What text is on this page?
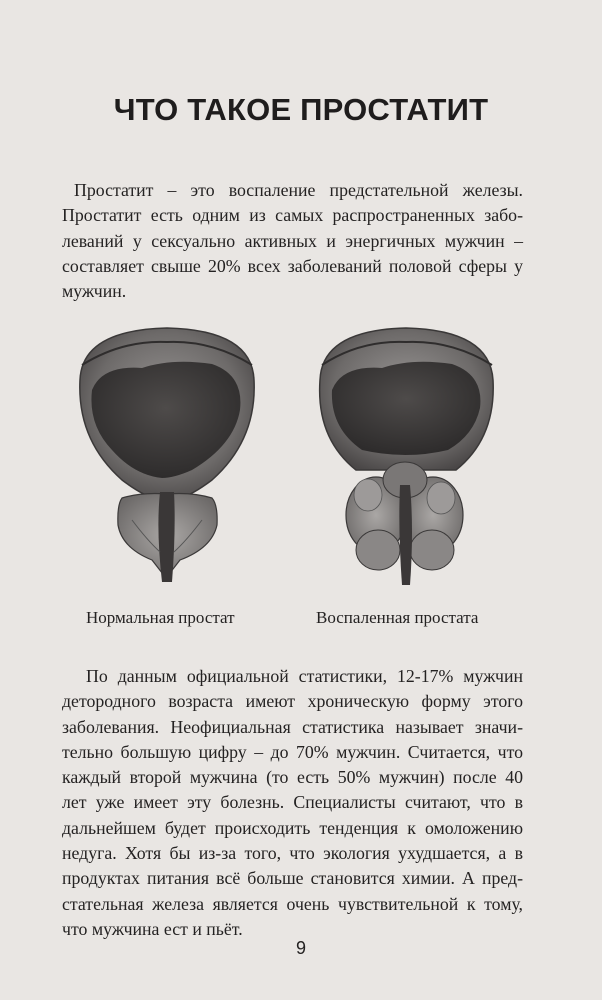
ЧТО ТАКОЕ ПРОСТАТИТ

Простатит – это воспаление предстательной железы.
Простатит есть одним из самых распространенных забо-
леваний у сексуально активных и энергичных мужчин –
составляет свыше 20% всех заболеваний половой сферы у
мужчин.

Нормальная простат	Воспаленная простата

По данным официальной статистики, 12-17% мужчин
детородного возраста имеют хроническую форму этого
заболевания. Неофициальная статистика называет значи-
тельно большую цифру – до 70% мужчин. Считается, что
каждый второй мужчина (то есть 50% мужчин) после 40
лет уже имеет эту болезнь. Специалисты считают, что в
дальнейшем будет происходить тенденция к омоложению
недуга. Хотя бы из-за того, что экология ухудшается, а в
продуктах питания всё больше становится химии. А пред-
стательная железа является очень чувствительной к тому,
что мужчина ест и пьёт.

9
